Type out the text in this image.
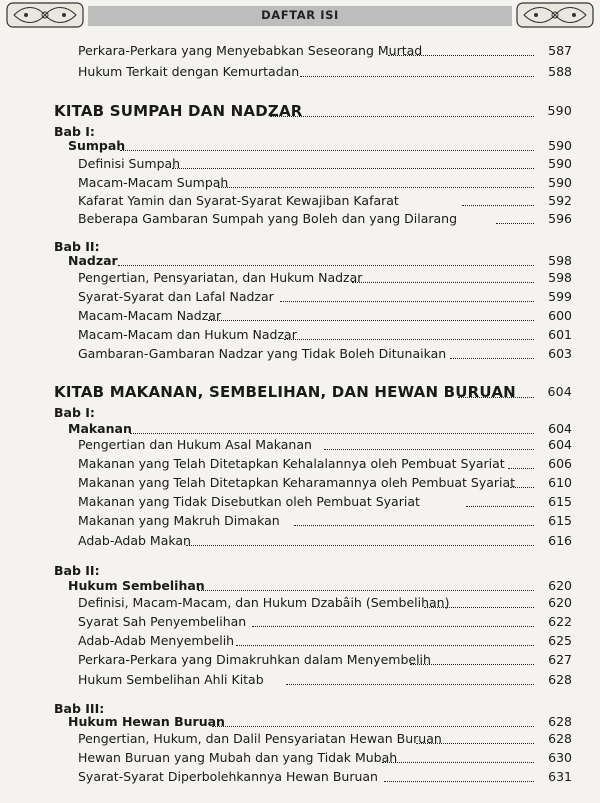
DAFTAR ISI
Perkara-Perkara yang Menyebabkan Seseorang Murtad	587
Hukum Terkait dengan Kemurtadan	588
KITAB SUMPAH DAN NADZAR	590
Bab I:
Sumpah	590
Definisi Sumpah	590
Macam-Macam Sumpah	590
Kafarat Yamin dan Syarat-Syarat Kewajiban Kafarat	592
Beberapa Gambaran Sumpah yang Boleh dan yang Dilarang	596
Bab II:
Nadzar	598
Pengertian, Pensyariatan, dan Hukum Nadzar	598
Syarat-Syarat dan Lafal Nadzar	599
Macam-Macam Nadzar	600
Macam-Macam dan Hukum Nadzar	601
Gambaran-Gambaran Nadzar yang Tidak Boleh Ditunaikan	603
KITAB MAKANAN, SEMBELIHAN, DAN HEWAN BURUAN	604
Bab I:
Makanan	604
Pengertian dan Hukum Asal Makanan	604
Makanan yang Telah Ditetapkan Kehalalannya oleh Pembuat Syariat	606
Makanan yang Telah Ditetapkan Keharamannya oleh Pembuat Syariat	610
Makanan yang Tidak Disebutkan oleh Pembuat Syariat	615
Makanan yang Makruh Dimakan	615
Adab-Adab Makan	616
Bab II:
Hukum Sembelihan	620
Definisi, Macam-Macam, dan Hukum Dzabâih (Sembelihan)	620
Syarat Sah Penyembelihan	622
Adab-Adab Menyembelih	625
Perkara-Perkara yang Dimakruhkan dalam Menyembelih	627
Hukum Sembelihan Ahli Kitab	628
Bab III:
Hukum Hewan Buruan	628
Pengertian, Hukum, dan Dalil Pensyariatan Hewan Buruan	628
Hewan Buruan yang Mubah dan yang Tidak Mubah	630
Syarat-Syarat Diperbolehkannya Hewan Buruan	631
